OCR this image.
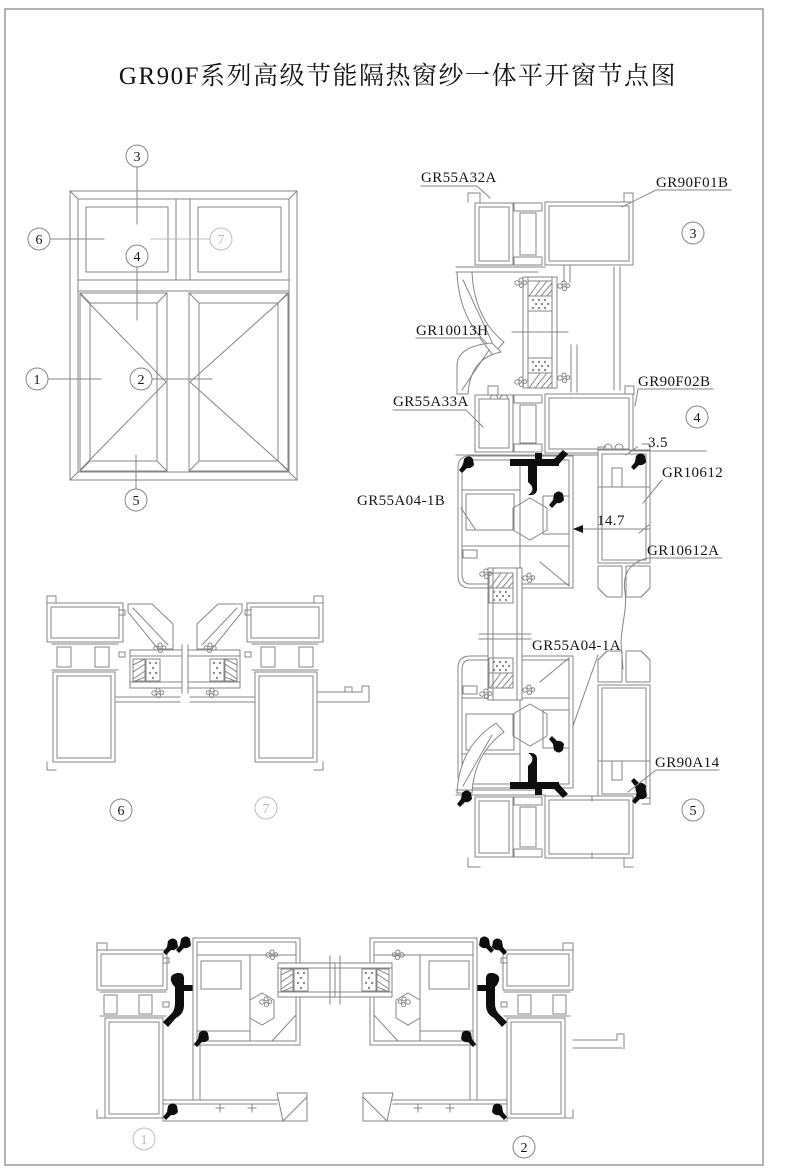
GR90F系列高级节能隔热窗纱一体平开窗节点图
3
6	7
4
1	2
5
3.5
14.7
GR55A32A	GR90F01B
GR10013H
GR55A33A
GR90F02B
GR55A04-1B
GR10612
GR10612A
GR55A04-1A
GR90A14
3
4
5
6	7
1
2
